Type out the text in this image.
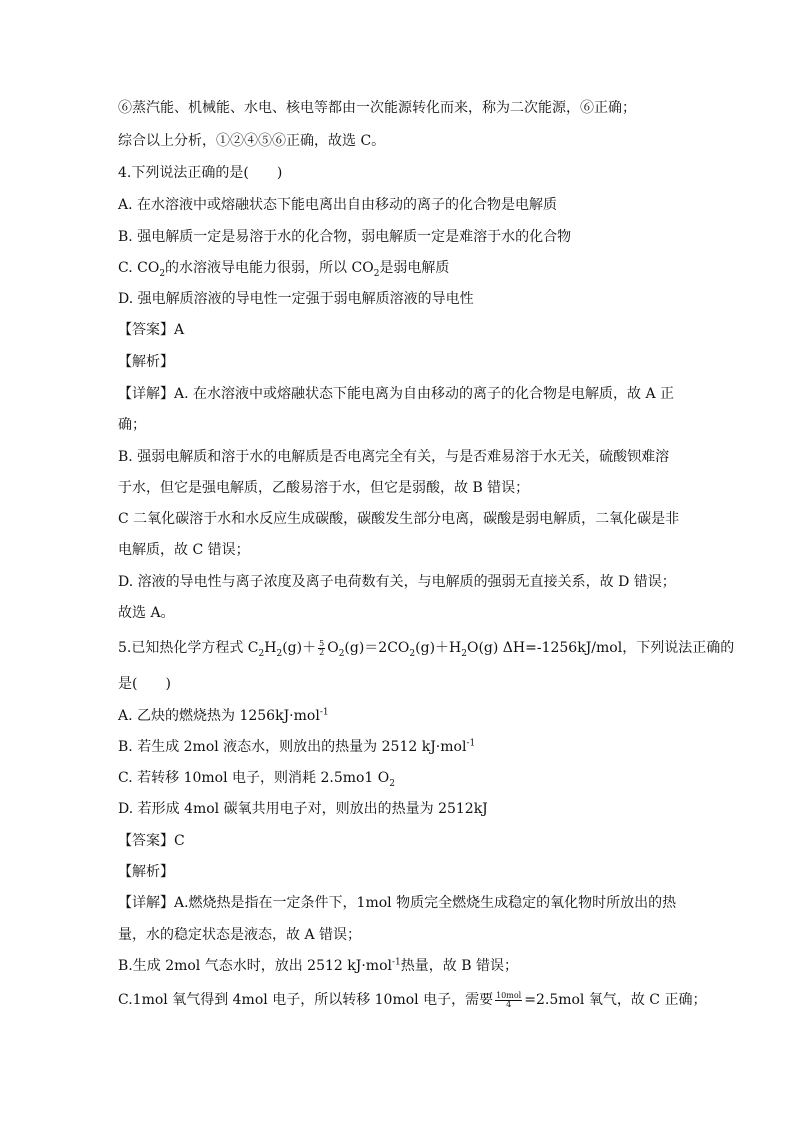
⑥蒸汽能、机械能、水电、核电等都由一次能源转化而来，称为二次能源，⑥正确；
综合以上分析，①②④⑤⑥正确，故选 C。
4.下列说法正确的是(　　)
A. 在水溶液中或熔融状态下能电离出自由移动的离子的化合物是电解质
B. 强电解质一定是易溶于水的化合物，弱电解质一定是难溶于水的化合物
C. $CO_2$的水溶液导电能力很弱，所以 $CO_2$是弱电解质
D. 强电解质溶液的导电性一定强于弱电解质溶液的导电性
【答案】A
【解析】
【详解】A. 在水溶液中或熔融状态下能电离为自由移动的离子的化合物是电解质，故 A 正
确；
B. 强弱电解质和溶于水的电解质是否电离完全有关，与是否难易溶于水无关，硫酸钡难溶
于水，但它是强电解质，乙酸易溶于水，但它是弱酸，故 B 错误；
C 二氧化碳溶于水和水反应生成碳酸，碳酸发生部分电离，碳酸是弱电解质，二氧化碳是非
电解质，故 C 错误；
D. 溶液的导电性与离子浓度及离子电荷数有关，与电解质的强弱无直接关系，故 D 错误；
故选 A。
5.已知热化学方程式 $C_2H_2(g)+ \frac{5}{2} O_2(g)=2CO_2(g)+H_2O(g)$ ΔH=-1256kJ/mol，下列说法正确的
是(　　)
A. 乙炔的燃烧热为 1256kJ·mol$^{-1}$
B. 若生成 2mol 液态水，则放出的热量为 2512 kJ·mol$^{-1}$
C. 若转移 10mol 电子，则消耗 2.5mo1 $O_2$
D. 若形成 4mol 碳氧共用电子对，则放出的热量为 2512kJ
【答案】C
【解析】
【详解】A.燃烧热是指在一定条件下，1mol 物质完全燃烧生成稳定的氧化物时所放出的热
量，水的稳定状态是液态，故 A 错误；
B.生成 2mol 气态水时，放出 2512 kJ·mol$^{-1}$热量，故 B 错误；
C.1mol 氧气得到 4mol 电子，所以转移 10mol 电子，需要 $\frac{\text{10mol}}{4} =2.5mol$ 氧气，故 C 正确；
